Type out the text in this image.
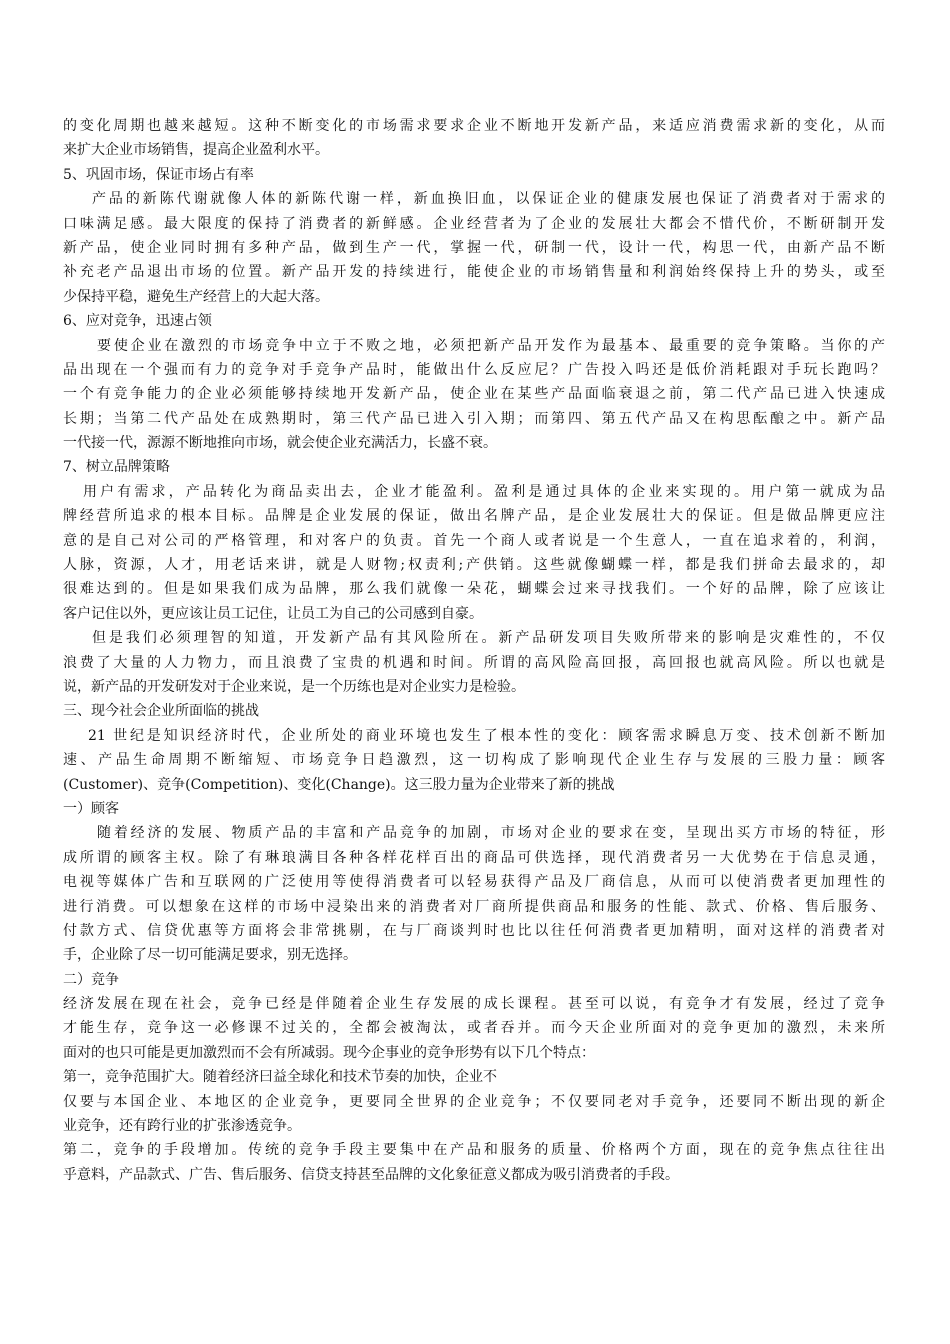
的变化周期也越来越短。这种不断变化的市场需求要求企业不断地开发新产品，来适应消费需求新的变化，从而
来扩大企业市场销售，提高企业盈利水平。
5、巩固市场，保证市场占有率
产品的新陈代谢就像人体的新陈代谢一样，新血换旧血，以保证企业的健康发展也保证了消费者对于需求的
口味满足感。最大限度的保持了消费者的新鲜感。企业经营者为了企业的发展壮大都会不惜代价，不断研制开发
新产品，使企业同时拥有多种产品，做到生产一代，掌握一代，研制一代，设计一代，构思一代，由新产品不断
补充老产品退出市场的位置。新产品开发的持续进行，能使企业的市场销售量和利润始终保持上升的势头，或至
少保持平稳，避免生产经营上的大起大落。
6、应对竞争，迅速占领
要使企业在激烈的市场竞争中立于不败之地，必须把新产品开发作为最基本、最重要的竞争策略。当你的产
品出现在一个强而有力的竞争对手竞争产品时，能做出什么反应尼？广告投入吗还是低价消耗跟对手玩长跑吗？
一个有竞争能力的企业必须能够持续地开发新产品，使企业在某些产品面临衰退之前，第二代产品已进入快速成
长期；当第二代产品处在成熟期时，第三代产品已进入引入期；而第四、第五代产品又在构思酝酿之中。新产品
一代接一代，源源不断地推向市场，就会使企业充满活力，长盛不衰。
7、树立品牌策略
用户有需求，产品转化为商品卖出去，企业才能盈利。盈利是通过具体的企业来实现的。用户第一就成为品
牌经营所追求的根本目标。品牌是企业发展的保证，做出名牌产品，是企业发展壮大的保证。但是做品牌更应注
意的是自己对公司的严格管理，和对客户的负责。首先一个商人或者说是一个生意人，一直在追求着的，利润，
人脉，资源，人才，用老话来讲，就是人财物;权责利;产供销。这些就像蝴蝶一样，都是我们拼命去最求的，却
很难达到的。但是如果我们成为品牌，那么我们就像一朵花，蝴蝶会过来寻找我们。一个好的品牌，除了应该让
客户记住以外，更应该让员工记住，让员工为自己的公司感到自豪。
但是我们必须理智的知道，开发新产品有其风险所在。新产品研发项目失败所带来的影响是灾难性的，不仅
浪费了大量的人力物力，而且浪费了宝贵的机遇和时间。所谓的高风险高回报，高回报也就高风险。所以也就是
说，新产品的开发研发对于企业来说，是一个历练也是对企业实力是检验。
三、现今社会企业所面临的挑战
21 世纪是知识经济时代，企业所处的商业环境也发生了根本性的变化：顾客需求瞬息万变、技术创新不断加
速、产品生命周期不断缩短、市场竞争日趋激烈，这一切构成了影响现代企业生存与发展的三股力量：顾客
(Customer)、竞争(Competition)、变化(Change)。这三股力量为企业带来了新的挑战
一）顾客
随着经济的发展、物质产品的丰富和产品竞争的加剧，市场对企业的要求在变，呈现出买方市场的特征，形
成所谓的顾客主权。除了有琳琅满目各种各样花样百出的商品可供选择，现代消费者另一大优势在于信息灵通，
电视等媒体广告和互联网的广泛使用等使得消费者可以轻易获得产品及厂商信息，从而可以使消费者更加理性的
进行消费。可以想象在这样的市场中浸染出来的消费者对厂商所提供商品和服务的性能、款式、价格、售后服务、
付款方式、信贷优惠等方面将会非常挑剔，在与厂商谈判时也比以往任何消费者更加精明，面对这样的消费者对
手，企业除了尽一切可能满足要求，别无选择。
二）竞争
经济发展在现在社会，竞争已经是伴随着企业生存发展的成长课程。甚至可以说，有竞争才有发展，经过了竞争
才能生存，竞争这一必修课不过关的，全都会被淘汰，或者吞并。而今天企业所面对的竞争更加的激烈，未来所
面对的也只可能是更加激烈而不会有所减弱。现今企事业的竞争形势有以下几个特点：
第一，竞争范围扩大。随着经济曰益全球化和技术节奏的加快，企业不
仅要与本国企业、本地区的企业竞争，更要同全世界的企业竞争；不仅要同老对手竞争，还要同不断出现的新企
业竞争，还有跨行业的扩张渗透竞争。
第二，竞争的手段增加。传统的竞争手段主要集中在产品和服务的质量、价格两个方面，现在的竞争焦点往往出
乎意料，产品款式、广告、售后服务、信贷支持甚至品牌的文化象征意义都成为吸引消费者的手段。
